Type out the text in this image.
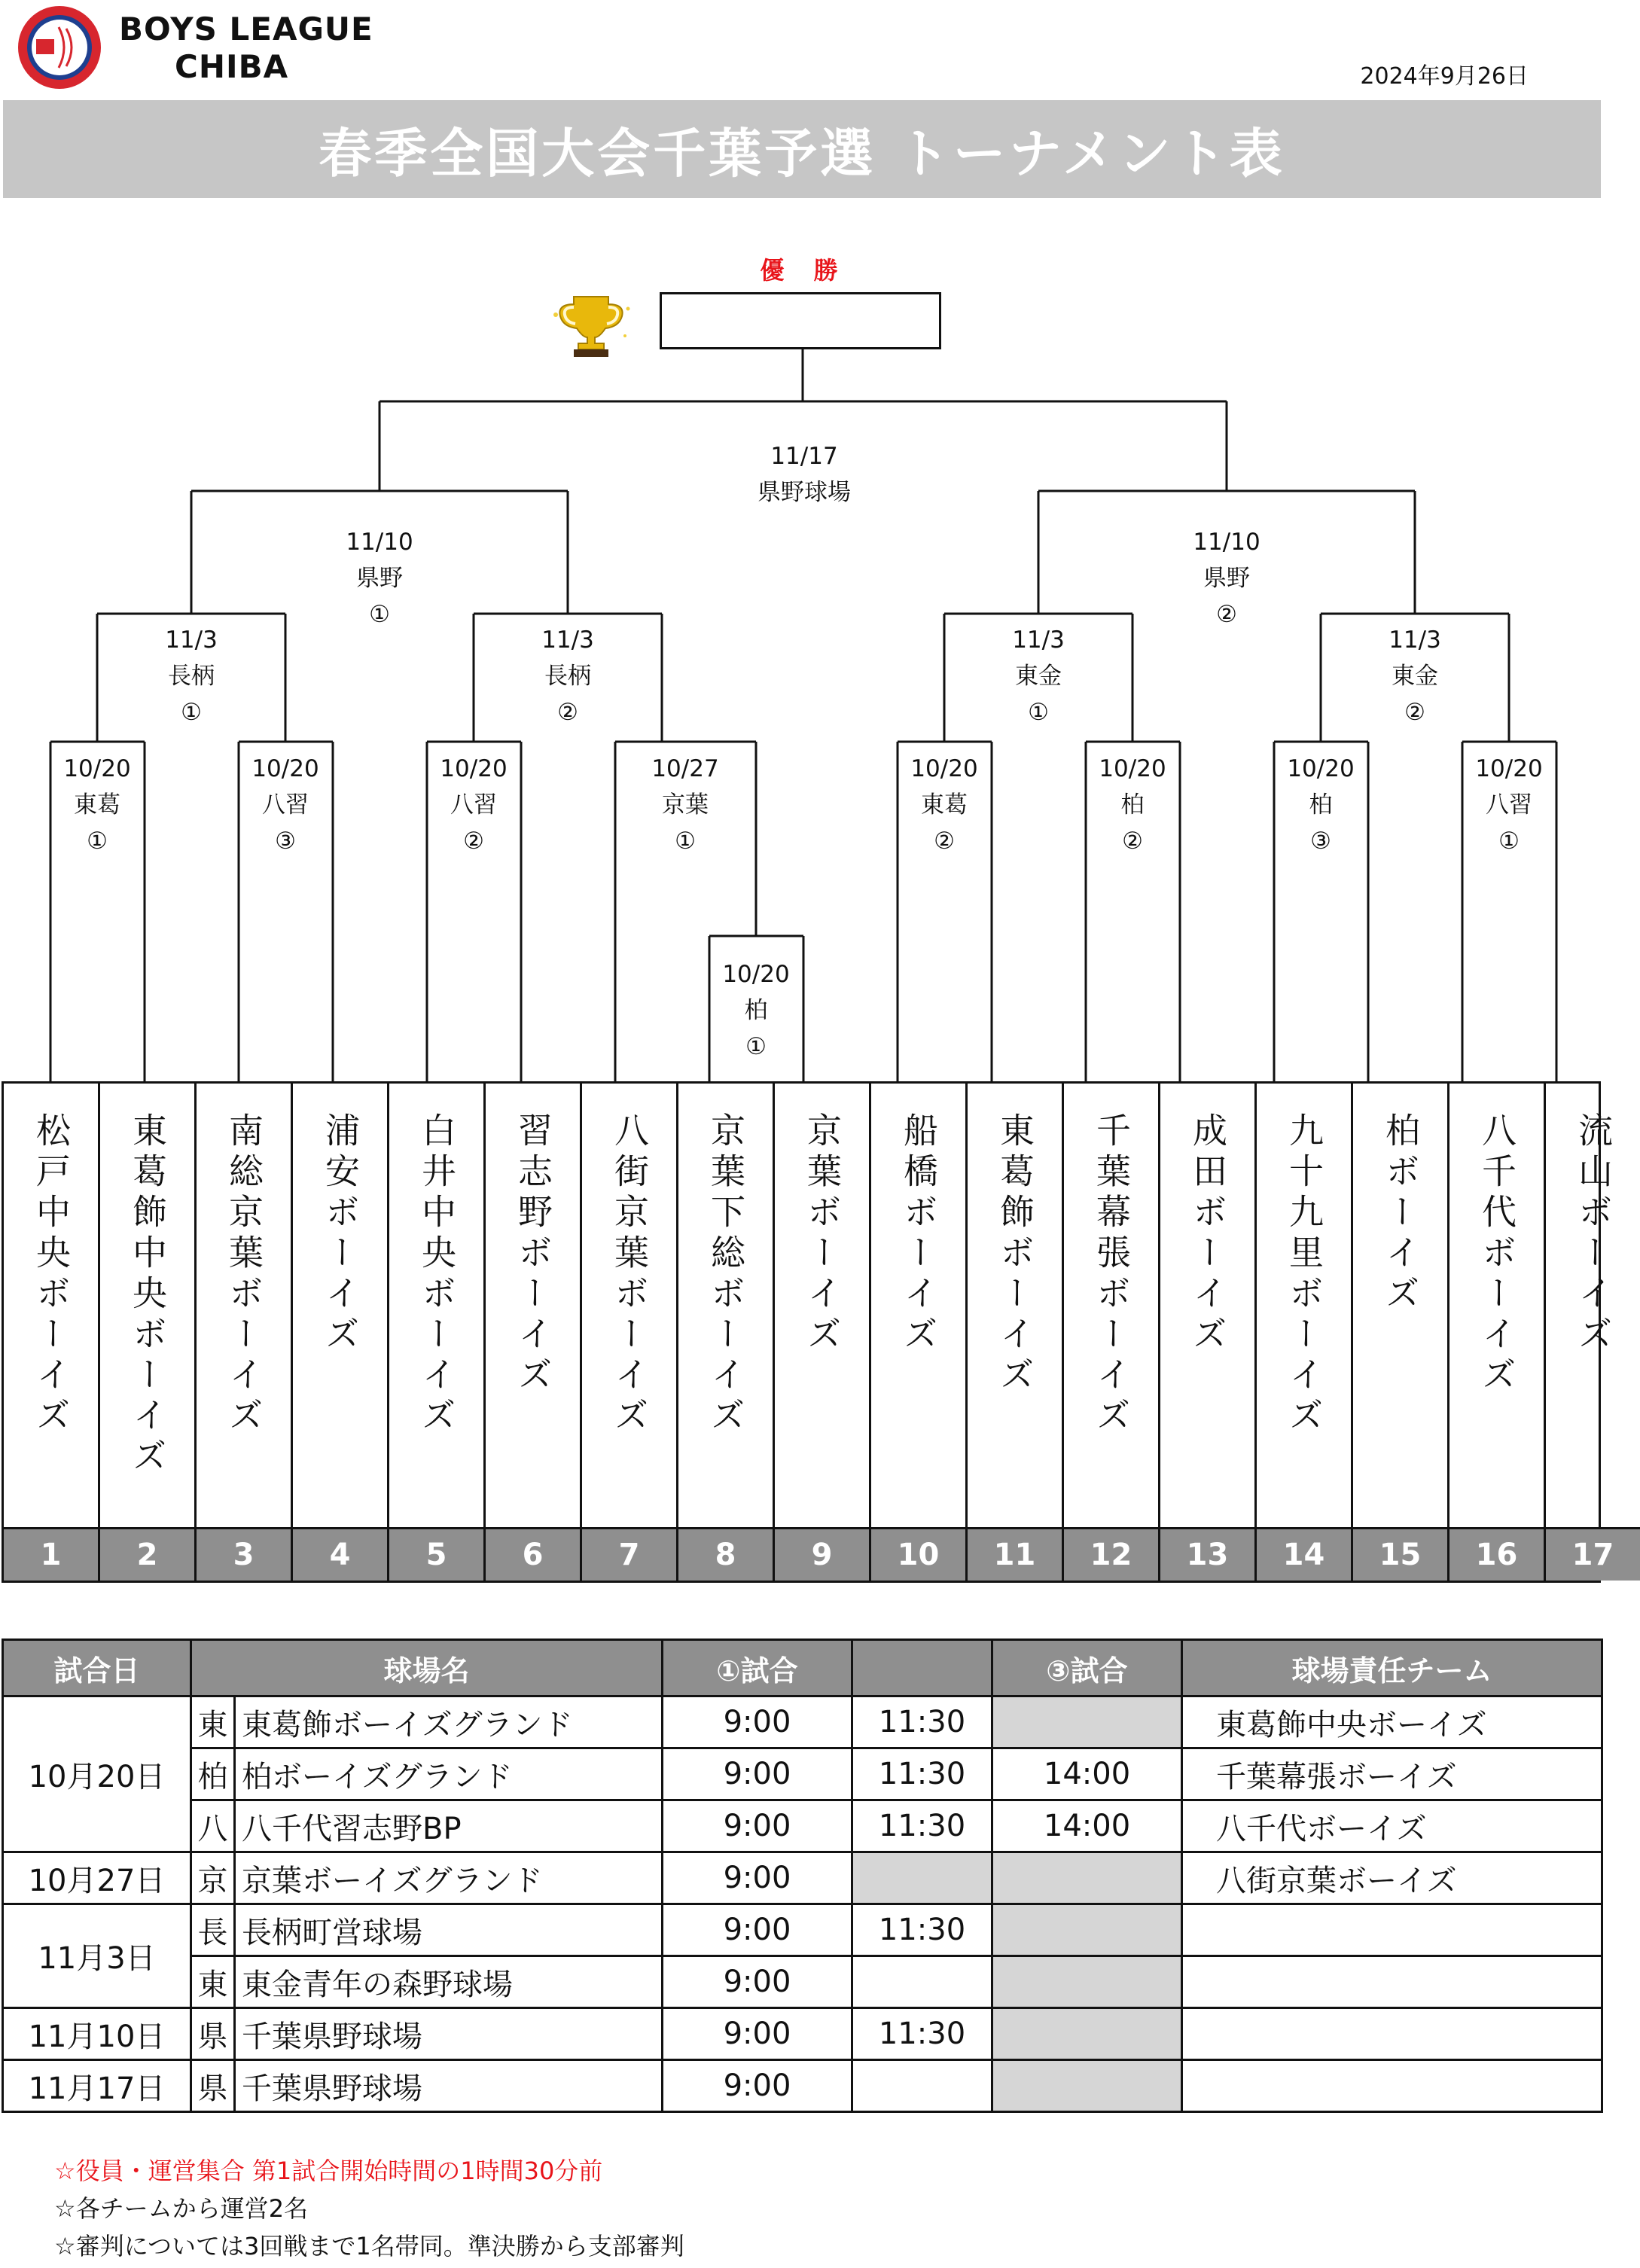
BOYS LEAGUE
CHIBA	2024年9月26日
春季全国大会千葉予選 トーナメント表
優 勝
11/17
県野球場
11/10
県野
①
11/10
県野
②
11/3
長柄
①
11/3
長柄
②
11/3
東金
①
11/3
東金
②
10/20
東葛
①
10/20
八習
③
10/20
八習
②
10/27
京葉
①
10/20
東葛
②
10/20
柏
②
10/20
柏
③
10/20
八習
①
10/20
柏
①
松戸中央ボーイズ
1
東葛飾中央ボーイズ
2
南総京葉ボーイズ
3
浦安ボーイズ
4
白井中央ボーイズ
5
習志野ボーイズ
6
八街京葉ボーイズ
7
京葉下総ボーイズ
8
京葉ボーイズ
9
船橋ボーイズ
10
東葛飾ボーイズ
11
千葉幕張ボーイズ
12
成田ボーイズ
13
九十九里ボーイズ
14
柏ボーイズ
15
八千代ボーイズ
16
流山ボーイズ
17
試合日	球場名		①試合		③試合	球場責任チーム
10月20日	東	東葛飾ボーイズグランド	9:00	11:30		東葛飾中央ボーイズ
	柏	柏ボーイズグランド	9:00	11:30	14:00	千葉幕張ボーイズ
	八	八千代習志野BP	9:00	11:30	14:00	八千代ボーイズ
10月27日	京	京葉ボーイズグランド	9:00			八街京葉ボーイズ
11月3日	長	長柄町営球場	9:00	11:30		
	東	東金青年の森野球場	9:00			
11月10日	県	千葉県野球場	9:00	11:30		
11月17日	県	千葉県野球場	9:00			
☆役員・運営集合 第1試合開始時間の1時間30分前
☆各チームから運営2名
☆審判については3回戦まで1名帯同。準決勝から支部審判
